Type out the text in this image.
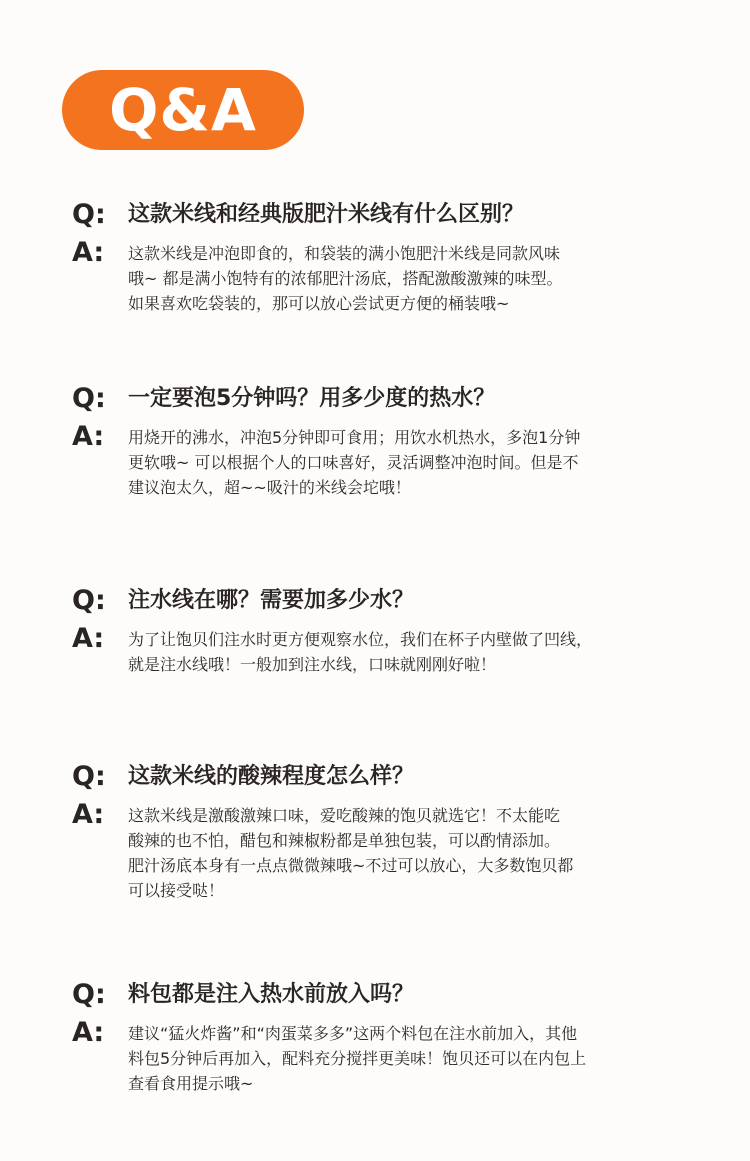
Q&A
Q:	这款米线和经典版肥汁米线有什么区别？
A:	这款米线是冲泡即食的，和袋装的满小饱肥汁米线是同款风味
哦~ 都是满小饱特有的浓郁肥汁汤底，搭配激酸激辣的味型。
如果喜欢吃袋装的，那可以放心尝试更方便的桶装哦~
Q:	一定要泡5分钟吗？用多少度的热水？
A:	用烧开的沸水，冲泡5分钟即可食用；用饮水机热水，多泡1分钟
更软哦~ 可以根据个人的口味喜好，灵活调整冲泡时间。但是不
建议泡太久，超~~吸汁的米线会坨哦！
Q:	注水线在哪？需要加多少水？
A:	为了让饱贝们注水时更方便观察水位，我们在杯子内壁做了凹线，
就是注水线哦！一般加到注水线，口味就刚刚好啦！
Q:	这款米线的酸辣程度怎么样？
A:	这款米线是激酸激辣口味，爱吃酸辣的饱贝就选它！不太能吃
酸辣的也不怕，醋包和辣椒粉都是单独包装，可以酌情添加。
肥汁汤底本身有一点点微微辣哦~不过可以放心，大多数饱贝都
可以接受哒！
Q:	料包都是注入热水前放入吗？
A:	建议“猛火炸酱”和“肉蛋菜多多”这两个料包在注水前加入，其他
料包5分钟后再加入，配料充分搅拌更美味！饱贝还可以在内包上
查看食用提示哦~
